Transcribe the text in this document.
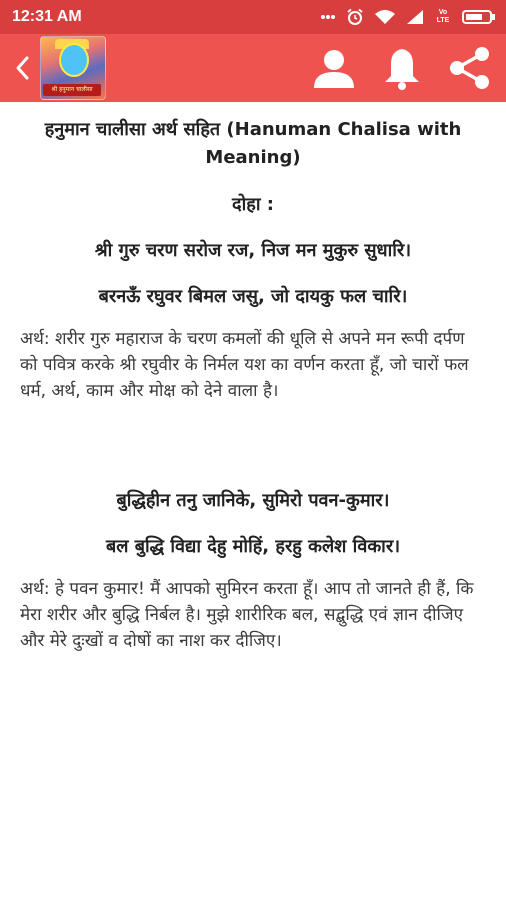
12:31 AM	Vo LTE
श्री हनुमान चालीसा

हनुमान चालीसा अर्थ सहित (Hanuman Chalisa with Meaning)

दोहा :

श्री गुरु चरण सरोज रज, निज मन मुकुरु सुधारि।

बरनऊँ रघुवर बिमल जसु, जो दायकु फल चारि।

अर्थ: शरीर गुरु महाराज के चरण कमलों की धूलि से अपने मन रूपी दर्पण को पवित्र करके श्री रघुवीर के निर्मल यश का वर्णन करता हूँ, जो चारों फल धर्म, अर्थ, काम और मोक्ष को देने वाला है।

बुद्धिहीन तनु जानिके, सुमिरो पवन-कुमार।

बल बुद्धि विद्या देहु मोहिं, हरहु कलेश विकार।

अर्थ: हे पवन कुमार! मैं आपको सुमिरन करता हूँ। आप तो जानते ही हैं, कि मेरा शरीर और बुद्धि निर्बल है। मुझे शारीरिक बल, सद्बुद्धि एवं ज्ञान दीजिए और मेरे दुःखों व दोषों का नाश कर दीजिए।
